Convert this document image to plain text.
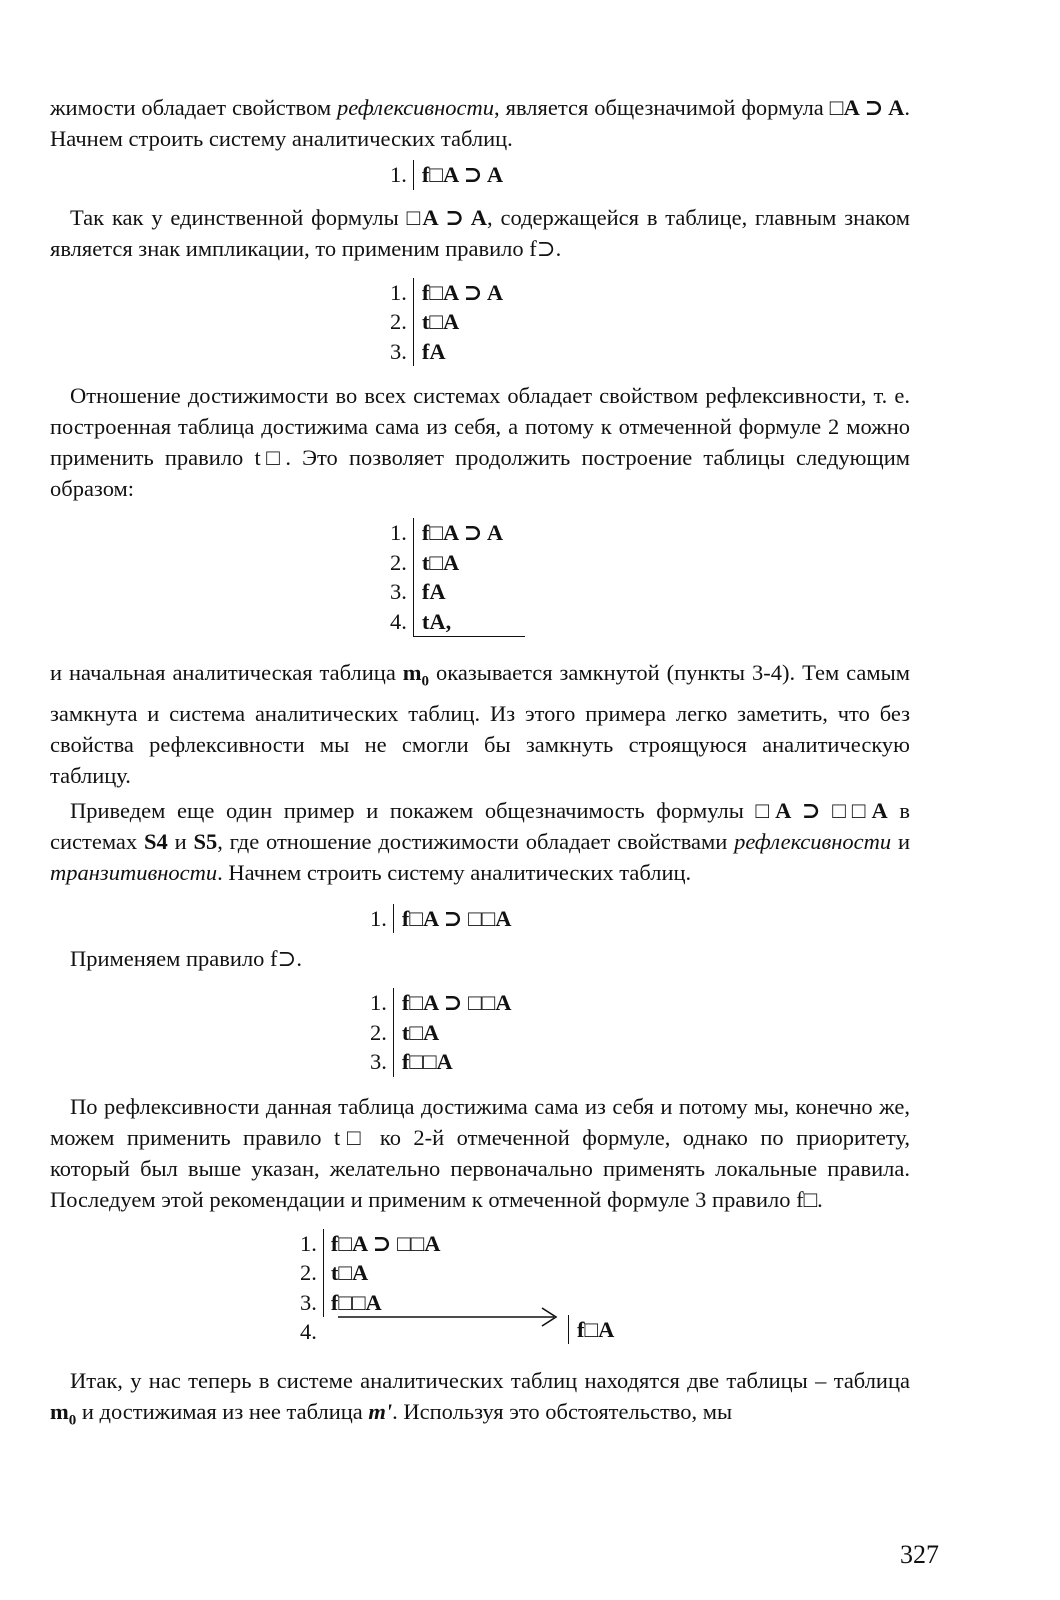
жимости обладает свойством рефлексивности, является общезначимой формула □A ⊃ A. Начнем строить систему аналитических таблиц.

1. f□A ⊃ A

Так как у единственной формулы □A ⊃ A, содержащейся в таблице, главным знаком является знак импликации, то применим правило f⊃.

1.
2.
3.
f□A ⊃ A
t□A
fA

Отношение достижимости во всех системах обладает свойством рефлексивности, т. е. построенная таблица достижима сама из себя, а потому к отмеченной формуле 2 можно применить правило t□. Это позволяет продолжить построение таблицы следующим образом:

1.
2.
3.
4.
f□A ⊃ A
t□A
fA
tA,

и начальная аналитическая таблица $m_0$ оказывается замкнутой (пункты 3-4). Тем самым замкнута и система аналитических таблиц. Из этого примера легко заметить, что без свойства рефлексивности мы не смогли бы замкнуть строящуюся аналитическую таблицу.

Приведем еще один пример и покажем общезначимость формулы □A ⊃ □□A в системах S4 и S5, где отношение достижимости обладает свойствами рефлексивности и транзитивности. Начнем строить систему аналитических таблиц.

1. f□A ⊃ □□A

Применяем правило f⊃.

1.
2.
3.
f□A ⊃ □□A
t□A
f□□A

По рефлексивности данная таблица достижима сама из себя и потому мы, конечно же, можем применить правило t□ ко 2-й отмеченной формуле, однако по приоритету, который был выше указан, желательно первоначально применять локальные правила. Последуем этой рекомендации и применим к отмеченной формуле 3 правило f□.

1.
2.
3.
4.
f□A ⊃ □□A
t□A
f□□A
f□A

Итак, у нас теперь в системе аналитических таблиц находятся две таблицы – таблица $m_0$ и достижимая из нее таблица m'. Используя это обстоятельство, мы

327
